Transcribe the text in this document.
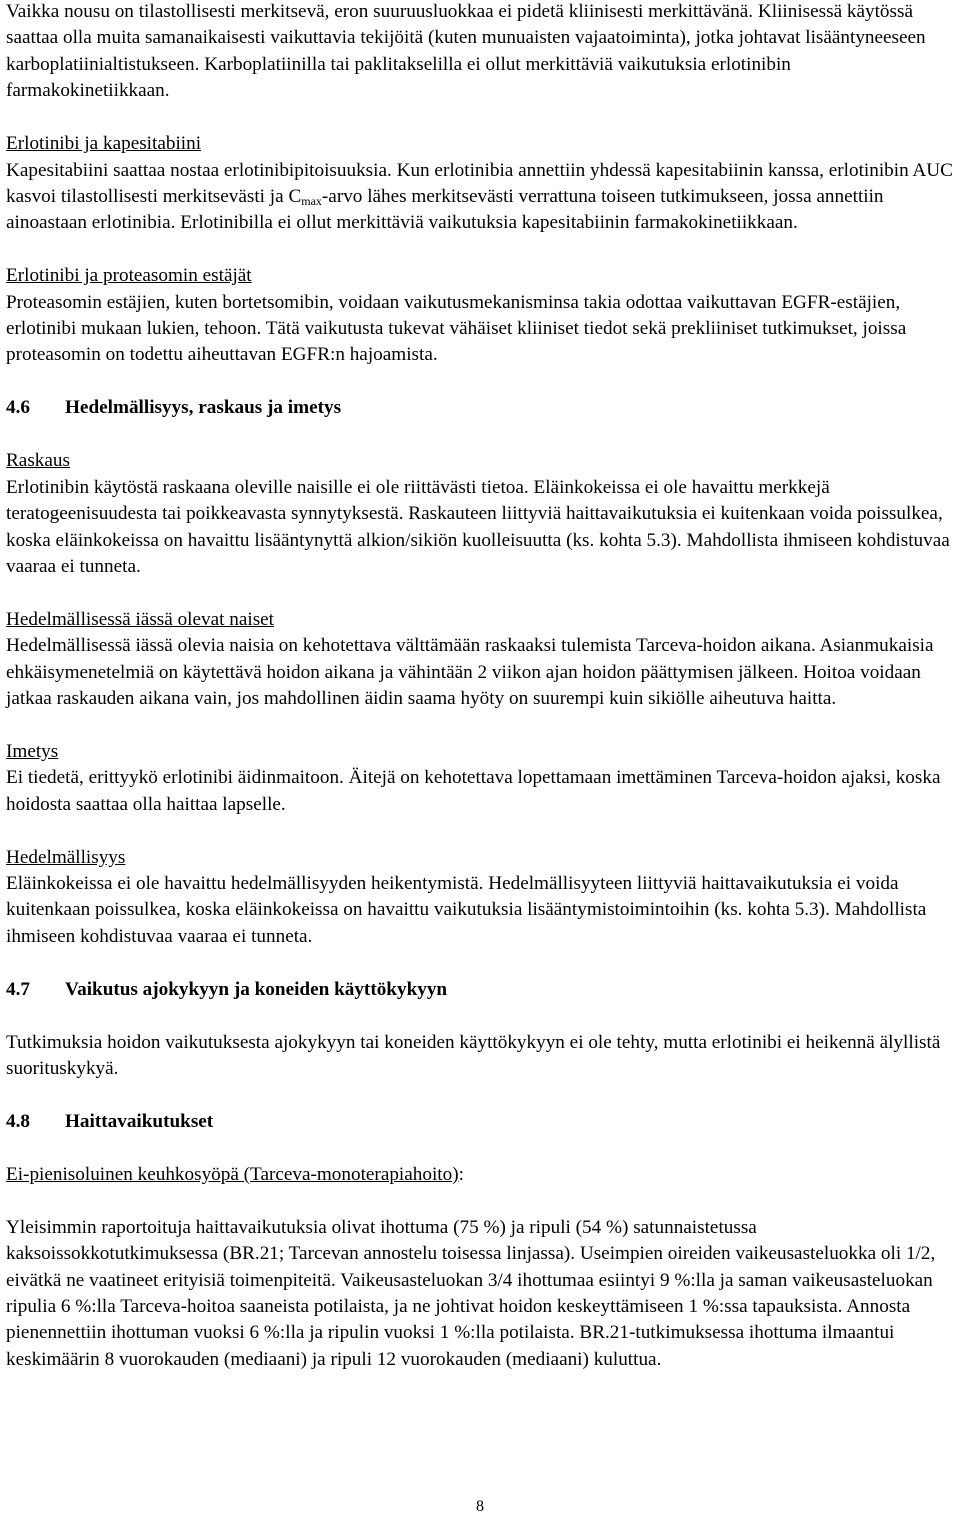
Vaikka nousu on tilastollisesti merkitsevä, eron suuruusluokkaa ei pidetä kliinisesti merkittävänä. Kliinisessä käytössä saattaa olla muita samanaikaisesti vaikuttavia tekijöitä (kuten munuaisten vajaatoiminta), jotka johtavat lisääntyneeseen karboplatiinialtistukseen. Karboplatiinilla tai paklitakselilla ei ollut merkittäviä vaikutuksia erlotinibin farmakokinetiikkaan.

Erlotinibi ja kapesitabiini

Kapesitabiini saattaa nostaa erlotinibipitoisuuksia. Kun erlotinibia annettiin yhdessä kapesitabiinin kanssa, erlotinibin AUC kasvoi tilastollisesti merkitsevästi ja $C_{max}$-arvo lähes merkitsevästi verrattuna toiseen tutkimukseen, jossa annettiin ainoastaan erlotinibia. Erlotinibilla ei ollut merkittäviä vaikutuksia kapesitabiinin farmakokinetiikkaan.

Erlotinibi ja proteasomin estäjät

Proteasomin estäjien, kuten bortetsomibin, voidaan vaikutusmekanisminsa takia odottaa vaikuttavan EGFR-estäjien, erlotinibi mukaan lukien, tehoon. Tätä vaikutusta tukevat vähäiset kliiniset tiedot sekä prekliiniset tutkimukset, joissa proteasomin on todettu aiheuttavan EGFR:n hajoamista.

4.6 Hedelmällisyys, raskaus ja imetys

Raskaus

Erlotinibin käytöstä raskaana oleville naisille ei ole riittävästi tietoa. Eläinkokeissa ei ole havaittu merkkejä teratogeenisuudesta tai poikkeavasta synnytyksestä. Raskauteen liittyviä haittavaikutuksia ei kuitenkaan voida poissulkea, koska eläinkokeissa on havaittu lisääntynyttä alkion/sikiön kuolleisuutta (ks. kohta 5.3). Mahdollista ihmiseen kohdistuvaa vaaraa ei tunneta.

Hedelmällisessä iässä olevat naiset

Hedelmällisessä iässä olevia naisia on kehotettava välttämään raskaaksi tulemista Tarceva-hoidon aikana. Asianmukaisia ehkäisymenetelmiä on käytettävä hoidon aikana ja vähintään 2 viikon ajan hoidon päättymisen jälkeen. Hoitoa voidaan jatkaa raskauden aikana vain, jos mahdollinen äidin saama hyöty on suurempi kuin sikiölle aiheutuva haitta.

Imetys

Ei tiedetä, erittyykö erlotinibi äidinmaitoon. Äitejä on kehotettava lopettamaan imettäminen Tarceva-hoidon ajaksi, koska hoidosta saattaa olla haittaa lapselle.

Hedelmällisyys

Eläinkokeissa ei ole havaittu hedelmällisyyden heikentymistä. Hedelmällisyyteen liittyviä haittavaikutuksia ei voida kuitenkaan poissulkea, koska eläinkokeissa on havaittu vaikutuksia lisääntymistoimintoihin (ks. kohta 5.3). Mahdollista ihmiseen kohdistuvaa vaaraa ei tunneta.

4.7 Vaikutus ajokykyyn ja koneiden käyttökykyyn

Tutkimuksia hoidon vaikutuksesta ajokykyyn tai koneiden käyttökykyyn ei ole tehty, mutta erlotinibi ei heikennä älyllistä suorituskykyä.

4.8 Haittavaikutukset

Ei-pienisoluinen keuhkosyöpä (Tarceva-monoterapiahoito):

Yleisimmin raportoituja haittavaikutuksia olivat ihottuma (75 %) ja ripuli (54 %) satunnaistetussa kaksoissokkotutkimuksessa (BR.21; Tarcevan annostelu toisessa linjassa). Useimpien oireiden vaikeusasteluokka oli 1/2, eivätkä ne vaatineet erityisiä toimenpiteitä. Vaikeusasteluokan 3/4 ihottumaa esiintyi 9 %:lla ja saman vaikeusasteluokan ripulia 6 %:lla Tarceva-hoitoa saaneista potilaista, ja ne johtivat hoidon keskeyttämiseen 1 %:ssa tapauksista. Annosta pienennettiin ihottuman vuoksi 6 %:lla ja ripulin vuoksi 1 %:lla potilaista. BR.21-tutkimuksessa ihottuma ilmaantui keskimäärin 8 vuorokauden (mediaani) ja ripuli 12 vuorokauden (mediaani) kuluttua.

8
